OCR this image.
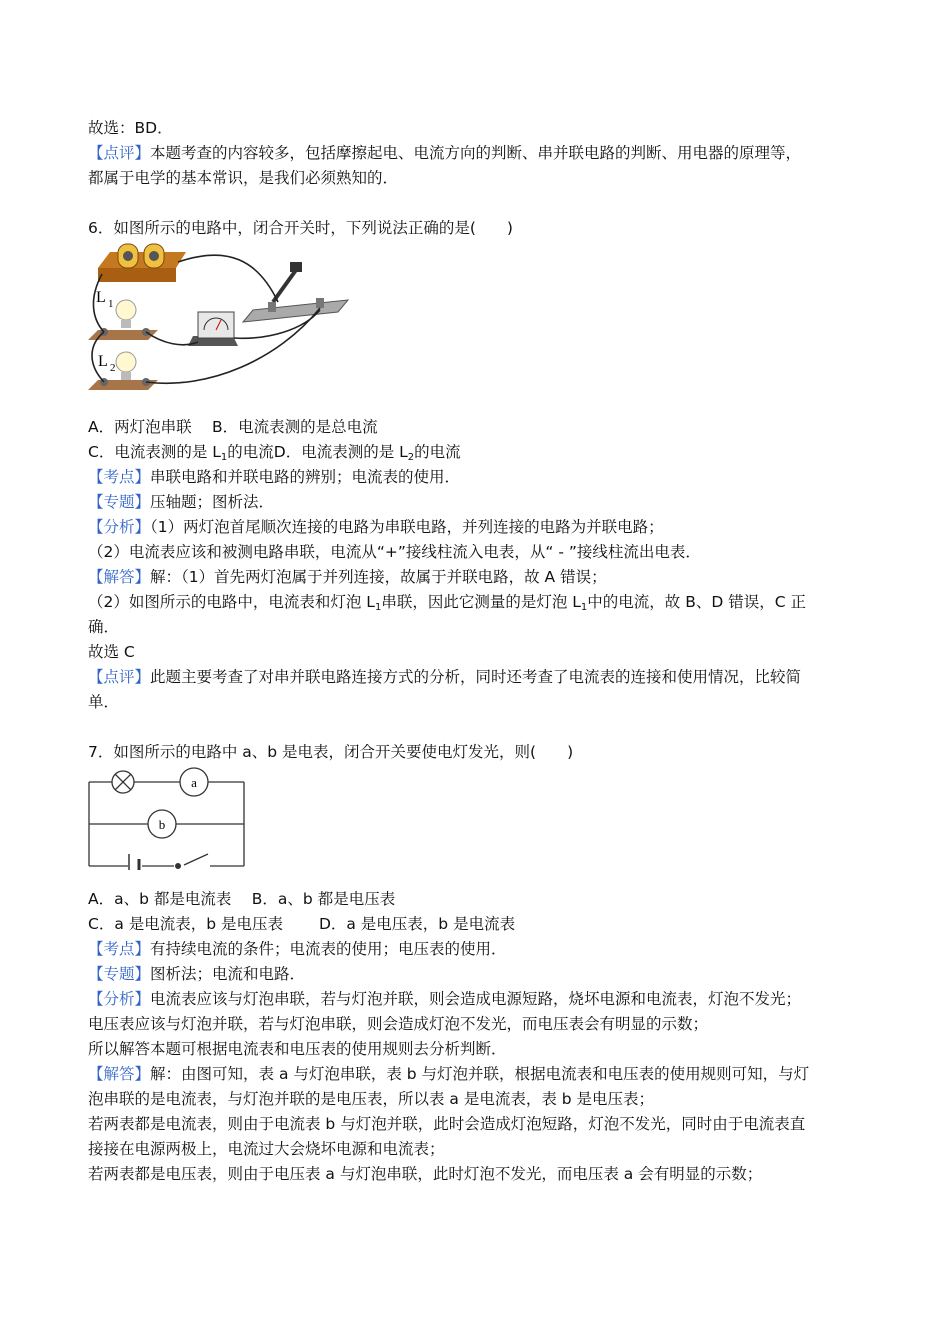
故选：BD．
【点评】本题考查的内容较多，包括摩擦起电、电流方向的判断、串并联电路的判断、用电器的原理等，
都属于电学的基本常识，是我们必须熟知的．
6．如图所示的电路中，闭合开关时，下列说法正确的是(　　)
L 1
L 2
A．两灯泡串联　 B．电流表测的是总电流
C．电流表测的是 $L_1$的电流D．电流表测的是 $L_2$的电流
【考点】串联电路和并联电路的辨别；电流表的使用．
【专题】压轴题；图析法．
【分析】（1）两灯泡首尾顺次连接的电路为串联电路，并列连接的电路为并联电路；
（2）电流表应该和被测电路串联，电流从“+”接线柱流入电表，从“ - ”接线柱流出电表．
【解答】解：（1）首先两灯泡属于并列连接，故属于并联电路，故 A 错误；
（2）如图所示的电路中，电流表和灯泡 $L_1$串联，因此它测量的是灯泡 $L_1$中的电流，故 B、D 错误，C 正
确．
故选 C
【点评】此题主要考查了对串并联电路连接方式的分析，同时还考查了电流表的连接和使用情况，比较简
单．
7．如图所示的电路中 a、b 是电表，闭合开关要使电灯发光，则(　　)
a
b
A．a、b 都是电流表　 B．a、b 都是电压表
C．a 是电流表，b 是电压表　　 D．a 是电压表，b 是电流表
【考点】有持续电流的条件；电流表的使用；电压表的使用．
【专题】图析法；电流和电路．
【分析】电流表应该与灯泡串联，若与灯泡并联，则会造成电源短路，烧坏电源和电流表，灯泡不发光；
电压表应该与灯泡并联，若与灯泡串联，则会造成灯泡不发光，而电压表会有明显的示数；
所以解答本题可根据电流表和电压表的使用规则去分析判断．
【解答】解：由图可知，表 a 与灯泡串联，表 b 与灯泡并联，根据电流表和电压表的使用规则可知，与灯
泡串联的是电流表，与灯泡并联的是电压表，所以表 a 是电流表，表 b 是电压表；
若两表都是电流表，则由于电流表 b 与灯泡并联，此时会造成灯泡短路，灯泡不发光，同时由于电流表直
接接在电源两极上，电流过大会烧坏电源和电流表；
若两表都是电压表，则由于电压表 a 与灯泡串联，此时灯泡不发光，而电压表 a 会有明显的示数；
